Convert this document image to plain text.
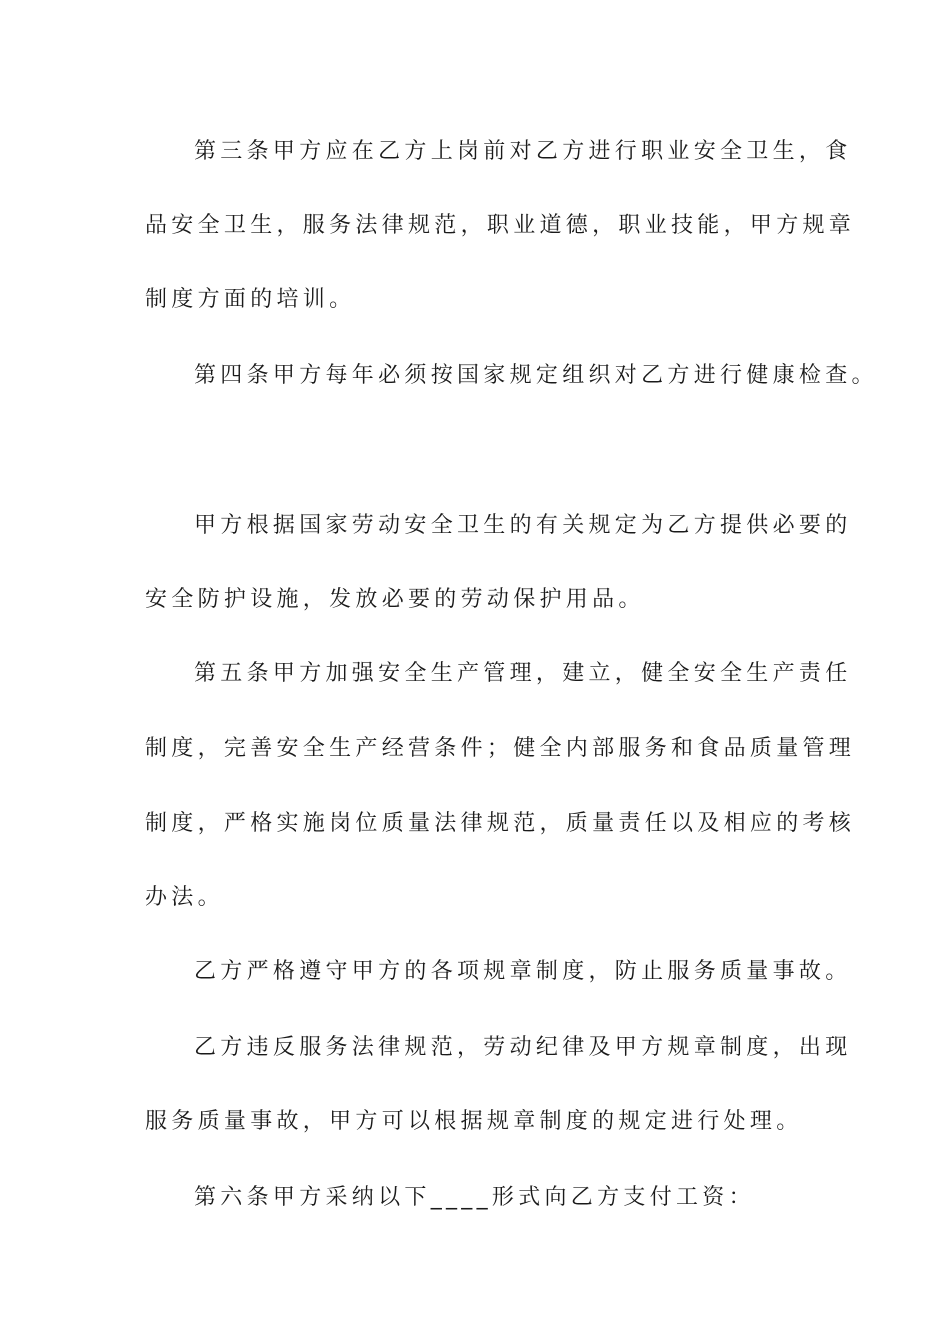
第三条甲方应在乙方上岗前对乙方进行职业安全卫生，食

品安全卫生，服务法律规范，职业道德，职业技能，甲方规章

制度方面的培训。

第四条甲方每年必须按国家规定组织对乙方进行健康检查。

甲方根据国家劳动安全卫生的有关规定为乙方提供必要的

安全防护设施，发放必要的劳动保护用品。

第五条甲方加强安全生产管理，建立，健全安全生产责任

制度，完善安全生产经营条件；健全内部服务和食品质量管理

制度，严格实施岗位质量法律规范，质量责任以及相应的考核

办法。

乙方严格遵守甲方的各项规章制度，防止服务质量事故。

乙方违反服务法律规范，劳动纪律及甲方规章制度，出现

服务质量事故，甲方可以根据规章制度的规定进行处理。

第六条甲方采纳以下____形式向乙方支付工资：
